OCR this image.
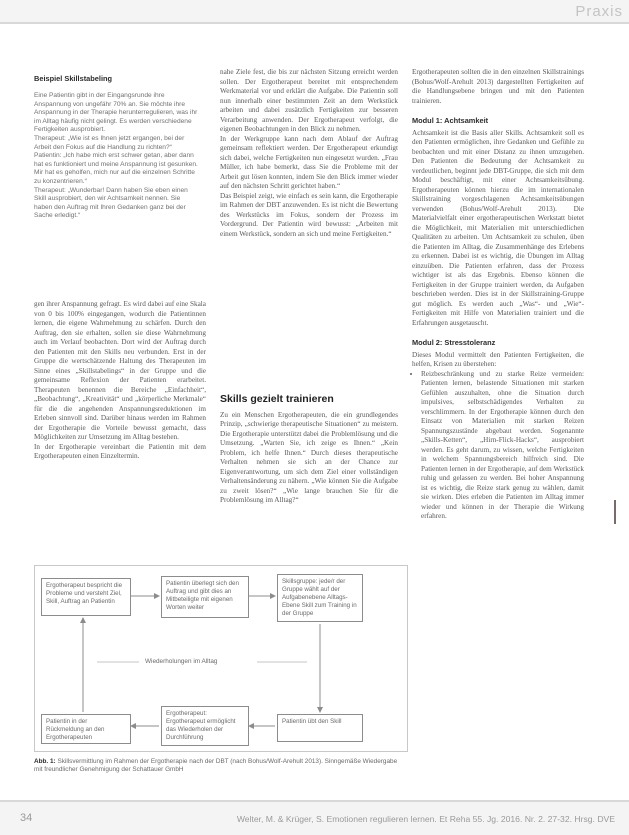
Praxis
Beispiel Skillstabeling

Eine Patientin gibt in der Eingangsrunde ihre Anspannung von ungefähr 70% an. Sie möchte ihre Anspannung in der Therapie herunterregulieren, was ihr im Alltag häufig nicht gelingt. Es werden verschiedene Fertigkeiten ausprobiert.

Therapeut: „Wie ist es Ihnen jetzt ergangen, bei der Arbeit den Fokus auf die Handlung zu richten?“

Patientin: „Ich habe mich erst schwer getan, aber dann hat es funktioniert und meine Anspannung ist gesunken. Mir hat es geholfen, mich nur auf die einzelnen Schritte zu konzentrieren.“

Therapeut: „Wunderbar! Dann haben Sie eben einen Skill ausprobiert, den wir Achtsamkeit nennen. Sie haben den Auftrag mit Ihren Gedanken ganz bei der Sache erledigt.“

gen ihrer Anspannung gefragt. Es wird dabei auf eine Skala von 0 bis 100% eingegangen, wodurch die Patientinnen lernen, die eigene Wahrnehmung zu schärfen. Durch den Auftrag, den sie erhalten, sollen sie diese Wahrnehmung auch im Verlauf beobachten. Dort wird der Auftrag durch den Patienten mit den Skills neu verbunden. Erst in der Gruppe die wertschätzende Haltung des Therapeuten im Sinne eines „Skillstabelings“ in der Gruppe und die gemeinsame Reflexion der Patienten erarbeitet. Therapeuten benennen die Bereiche „Einfachheit“, „Beobachtung“, „Kreativität“ und „körperliche Merkmale“ für die die angehenden Anspannungsreduktionen im Erleben sinnvoll sind. Darüber hinaus werden im Rahmen der Ergotherapie die Vorteile bewusst gemacht, dass Möglichkeiten zur Umsetzung im Alltag bestehen.

In der Ergotherapie vereinbart die Patientin mit dem Ergotherapeuten einen Einzeltermin.

nahe Ziele fest, die bis zur nächsten Sitzung erreicht werden sollen. Der Ergotherapeut bereitet mit entsprechendem Werkmaterial vor und erklärt die Aufgabe. Die Patientin soll nun innerhalb einer bestimmten Zeit an dem Werkstück arbeiten und dabei zusätzlich Fertigkeiten zur besseren Verarbeitung anwenden. Der Ergotherapeut verfolgt, die eigenen Beobachtungen in den Blick zu nehmen.

In der Werkgruppe kann nach dem Ablauf der Auftrag gemeinsam reflektiert werden. Der Ergotherapeut erkundigt sich dabei, welche Fertigkeiten nun eingesetzt wurden. „Frau Müller, ich habe bemerkt, dass Sie die Probleme mit der Arbeit gut lösen konnten, indem Sie den Blick immer wieder auf den nächsten Schritt gerichtet haben.“

Das Beispiel zeigt, wie einfach es sein kann, die Ergotherapie im Rahmen der DBT anzuwenden. Es ist nicht die Bewertung des Werkstücks im Fokus, sondern der Prozess im Vordergrund. Der Patientin wird bewusst: „Arbeiten mit einem Werkstück, sondern an sich und meine Fertigkeiten.“

Skills gezielt trainieren

Zu ein Menschen Ergotherapeuten, die ein grundlegendes Prinzip, „schwierige therapeutische Situationen“ zu meistern. Die Ergotherapie unterstützt dabei die Problemlösung und die Umsetzung. „Warten Sie, ich zeige es Ihnen.“ „Kein Problem, ich helfe Ihnen.“ Durch dieses therapeutische Verhalten nehmen sie sich an der Chance zur Eigenverantwortung, um sich dem Ziel einer vollständigen Verhaltensänderung zu nähern. „Wie können Sie die Aufgabe zu zweit lösen?“ „Wie lange brauchen Sie für die Problemlösung im Alltag?“

Ergotherapeuten sollten die in den einzelnen Skillstrainings (Bohus/Wolf-Arehult 2013) dargestellten Fertigkeiten auf die Handlungsebene bringen und mit den Patienten trainieren.

Modul 1: Achtsamkeit

Achtsamkeit ist die Basis aller Skills. Achtsamkeit soll es den Patienten ermöglichen, ihre Gedanken und Gefühle zu beobachten und mit einer Distanz zu ihnen umzugehen. Den Patienten die Bedeutung der Achtsamkeit zu verdeutlichen, beginnt jede DBT-Gruppe, die sich mit dem Modul beschäftigt, mit einer Achtsamkeitsübung. Ergotherapeuten können hierzu die im internationalen Skillstraining vorgeschlagenen Achtsamkeitsübungen verwenden (Bohus/Wolf-Arehult 2013). Die Materialvielfalt einer ergotherapeutischen Werkstatt bietet die Möglichkeit, mit Materialien mit unterschiedlichen Qualitäten zu arbeiten. Um Achtsamkeit zu schulen, üben die Patienten im Alltag, die Zusammenhänge des Erlebens zu erkennen. Dabei ist es wichtig, die Übungen im Alltag einzuüben. Die Patienten erfahren, dass der Prozess wichtiger ist als das Ergebnis. Ebenso können die Fertigkeiten in der Gruppe trainiert werden, da Aufgaben beschrieben werden. Dies ist in der Skillstraining-Gruppe gut möglich. Es werden auch „Was“- und „Wie“-Fertigkeiten mit Hilfe von Materialien trainiert und die Erfahrungen ausgetauscht.

Modul 2: Stresstoleranz

Dieses Modul vermittelt den Patienten Fertigkeiten, die helfen, Krisen zu überstehen:

• Reizbeschränkung und zu starke Reize vermeiden: Patienten lernen, belastende Situationen mit starken Gefühlen auszuhalten, ohne die Situation durch impulsives, selbstschädigendes Verhalten zu verschlimmern. In der Ergotherapie können durch den Einsatz von Materialien mit starken Reizen Spannungszustände abgebaut werden. Sogenannte „Skills-Ketten“, „Hirn-Flick-Hacks“, ausprobiert werden. Es geht darum, zu wissen, welche Fertigkeiten in welchem Spannungsbereich hilfreich sind. Die Patienten lernen in der Ergotherapie, auf dem Werkstück ruhig und gelassen zu werden. Bei hoher Anspannung ist es wichtig, die Reize stark genug zu wählen, damit sie wirken. Dies erleben die Patienten im Alltag immer wieder und können in der Therapie die Wirkung erfahren.
Ergotherapeut bespricht die Probleme und versteht Ziel, Skill, Auftrag an Patientin
Patientin überlegt sich den Auftrag und gibt dies an Mitbeteiligte mit eigenen Worten weiter
Skillsgruppe: jede/r der Gruppe wählt auf der Aufgabenebene Alltags-Ebene Skill zum Training in der Gruppe
Wiederholungen im Alltag
Patientin in der Rückmeldung an den Ergotherapeuten
Ergotherapeut: Ergotherapeut ermöglicht das Wiederholen der Durchführung
Patientin übt den Skill

Abb. 1: Skillsvermittlung im Rahmen der Ergotherapie nach der DBT (nach Bohus/Wolf-Arehult 2013). Sinngemäße Wiedergabe mit freundlicher Genehmigung der Schattauer GmbH

34	Welter, M. & Krüger, S. Emotionen regulieren lernen. Et Reha 55. Jg. 2016. Nr. 2. 27-32. Hrsg. DVE
